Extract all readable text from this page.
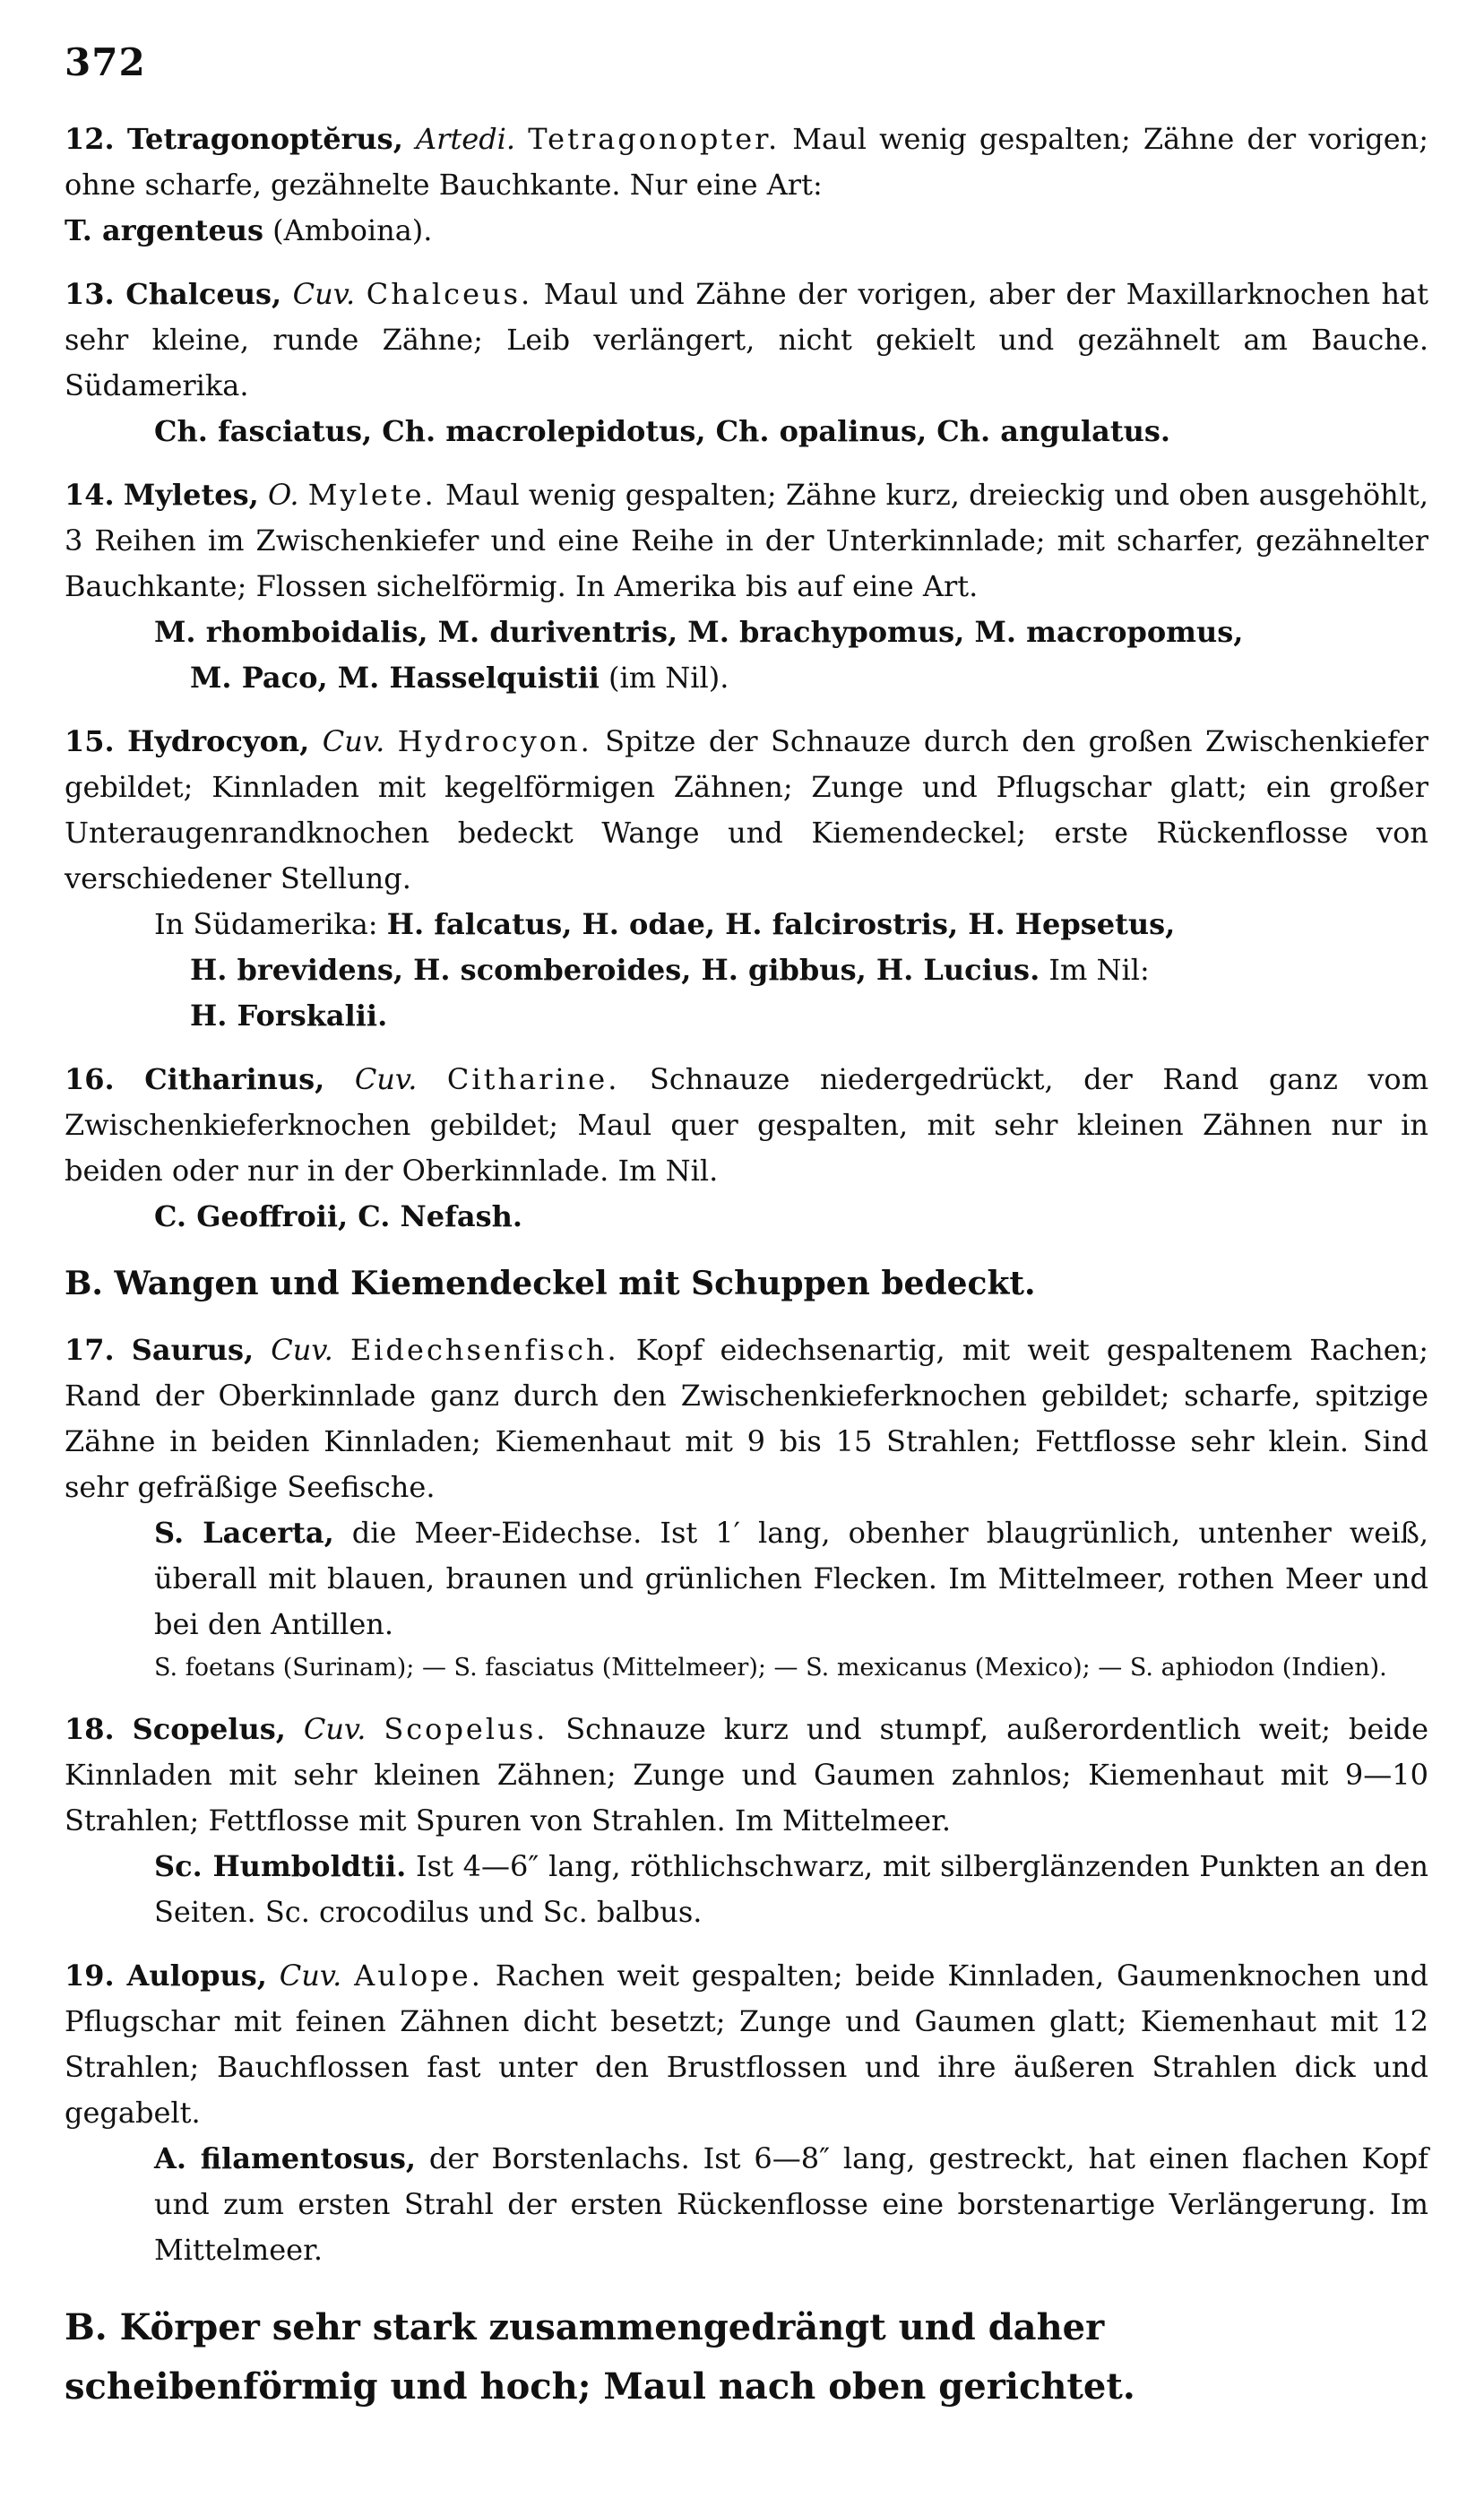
372

12. Tetragonoptĕrus, Artedi. Tetragonopter. Maul wenig gespalten; Zähne der vorigen; ohne scharfe, gezähnelte Bauchkante. Nur eine Art:
T. argenteus (Amboina).

13. Chalceus, Cuv. Chalceus. Maul und Zähne der vorigen, aber der Maxillarknochen hat sehr kleine, runde Zähne; Leib verlängert, nicht gekielt und gezähnelt am Bauche. Südamerika.

Ch. fasciatus, Ch. macrolepidotus, Ch. opalinus, Ch. angulatus.

14. Myletes, O. Mylete. Maul wenig gespalten; Zähne kurz, dreieckig und oben ausgehöhlt, 3 Reihen im Zwischenkiefer und eine Reihe in der Unterkinnlade; mit scharfer, gezähnelter Bauchkante; Flossen sichelförmig. In Amerika bis auf eine Art.

M. rhomboidalis, M. duriventris, M. brachypomus, M. macropomus,

M. Paco, M. Hasselquistii (im Nil).

15. Hydrocyon, Cuv. Hydrocyon. Spitze der Schnauze durch den großen Zwischenkiefer gebildet; Kinnladen mit kegelförmigen Zähnen; Zunge und Pflugschar glatt; ein großer Unteraugenrandknochen bedeckt Wange und Kiemendeckel; erste Rückenflosse von verschiedener Stellung.

In Südamerika: H. falcatus, H. odae, H. falcirostris, H. Hepsetus,

H. brevidens, H. scomberoides, H. gibbus, H. Lucius. Im Nil:

H. Forskalii.

16. Citharinus, Cuv. Citharine. Schnauze niedergedrückt, der Rand ganz vom Zwischenkieferknochen gebildet; Maul quer gespalten, mit sehr kleinen Zähnen nur in beiden oder nur in der Oberkinnlade. Im Nil.

C. Geoffroii, C. Nefash.

B. Wangen und Kiemendeckel mit Schuppen bedeckt.

17. Saurus, Cuv. Eidechsenfisch. Kopf eidechsenartig, mit weit gespaltenem Rachen; Rand der Oberkinnlade ganz durch den Zwischenkieferknochen gebildet; scharfe, spitzige Zähne in beiden Kinnladen; Kiemenhaut mit 9 bis 15 Strahlen; Fettflosse sehr klein. Sind sehr gefräßige Seefische.

S. Lacerta, die Meer-Eidechse. Ist 1′ lang, obenher blaugrünlich, untenher weiß, überall mit blauen, braunen und grünlichen Flecken. Im Mittelmeer, rothen Meer und bei den Antillen.

S. foetans (Surinam); — S. fasciatus (Mittelmeer); — S. mexicanus (Mexico); — S. aphiodon (Indien).

18. Scopelus, Cuv. Scopelus. Schnauze kurz und stumpf, außerordentlich weit; beide Kinnladen mit sehr kleinen Zähnen; Zunge und Gaumen zahnlos; Kiemenhaut mit 9—10 Strahlen; Fettflosse mit Spuren von Strahlen. Im Mittelmeer.

Sc. Humboldtii. Ist 4—6″ lang, röthlichschwarz, mit silberglänzenden Punkten an den Seiten. Sc. crocodilus und Sc. balbus.

19. Aulopus, Cuv. Aulope. Rachen weit gespalten; beide Kinnladen, Gaumenknochen und Pflugschar mit feinen Zähnen dicht besetzt; Zunge und Gaumen glatt; Kiemenhaut mit 12 Strahlen; Bauchflossen fast unter den Brustflossen und ihre äußeren Strahlen dick und gegabelt.

A. filamentosus, der Borstenlachs. Ist 6—8″ lang, gestreckt, hat einen flachen Kopf und zum ersten Strahl der ersten Rückenflosse eine borstenartige Verlängerung. Im Mittelmeer.

B. Körper sehr stark zusammengedrängt und daher scheibenförmig und hoch; Maul nach oben gerichtet.
